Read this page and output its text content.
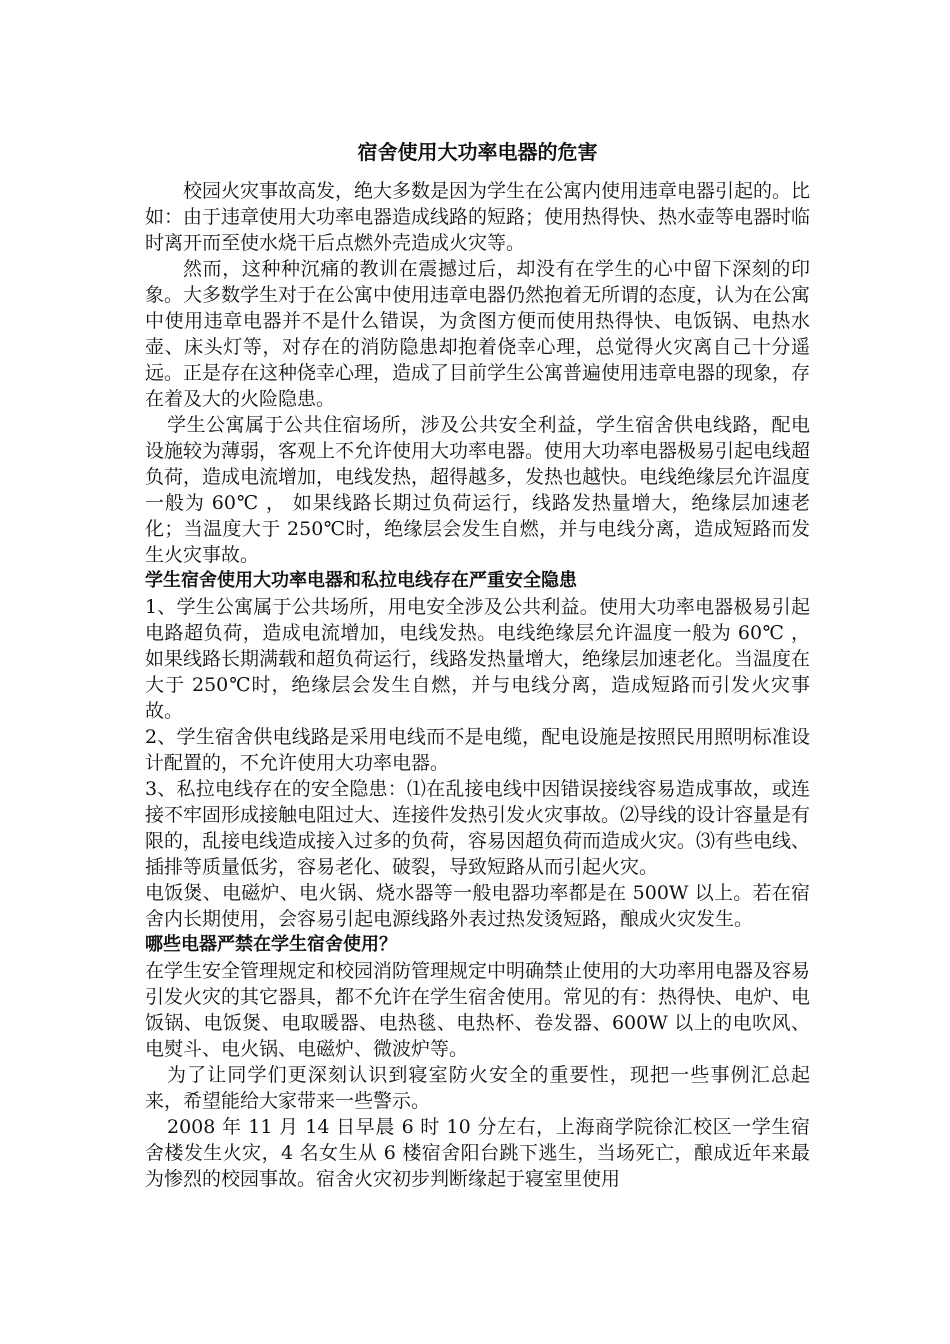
宿舍使用大功率电器的危害

校园火灾事故高发，绝大多数是因为学生在公寓内使用违章电器引起的。比如：由于违章使用大功率电器造成线路的短路；使用热得快、热水壶等电器时临时离开而至使水烧干后点燃外壳造成火灾等。

然而，这种种沉痛的教训在震撼过后，却没有在学生的心中留下深刻的印象。大多数学生对于在公寓中使用违章电器仍然抱着无所谓的态度，认为在公寓中使用违章电器并不是什么错误，为贪图方便而使用热得快、电饭锅、电热水壶、床头灯等，对存在的消防隐患却抱着侥幸心理，总觉得火灾离自己十分遥远。正是存在这种侥幸心理，造成了目前学生公寓普遍使用违章电器的现象，存在着及大的火险隐患。

学生公寓属于公共住宿场所，涉及公共安全利益，学生宿舍供电线路，配电设施较为薄弱，客观上不允许使用大功率电器。使用大功率电器极易引起电线超负荷，造成电流增加，电线发热，超得越多，发热也越快。电线绝缘层允许温度一般为 60℃ ， 如果线路长期过负荷运行，线路发热量增大，绝缘层加速老化；当温度大于 250℃时，绝缘层会发生自燃，并与电线分离，造成短路而发生火灾事故。

学生宿舍使用大功率电器和私拉电线存在严重安全隐患

1、学生公寓属于公共场所，用电安全涉及公共利益。使用大功率电器极易引起电路超负荷，造成电流增加，电线发热。电线绝缘层允许温度一般为 60℃ ，如果线路长期满载和超负荷运行，线路发热量增大，绝缘层加速老化。当温度在大于 250℃时，绝缘层会发生自燃，并与电线分离，造成短路而引发火灾事故。

2、学生宿舍供电线路是采用电线而不是电缆，配电设施是按照民用照明标准设计配置的，不允许使用大功率电器。

3、私拉电线存在的安全隐患：⑴在乱接电线中因错误接线容易造成事故，或连接不牢固形成接触电阻过大、连接件发热引发火灾事故。⑵导线的设计容量是有限的，乱接电线造成接入过多的负荷，容易因超负荷而造成火灾。⑶有些电线、插排等质量低劣，容易老化、破裂，导致短路从而引起火灾。

电饭煲、电磁炉、电火锅、烧水器等一般电器功率都是在 500W 以上。若在宿舍内长期使用，会容易引起电源线路外表过热发烫短路，酿成火灾发生。

哪些电器严禁在学生宿舍使用？

在学生安全管理规定和校园消防管理规定中明确禁止使用的大功率用电器及容易引发火灾的其它器具，都不允许在学生宿舍使用。常见的有：热得快、电炉、电饭锅、电饭煲、电取暖器、电热毯、电热杯、卷发器、600W 以上的电吹风、电熨斗、电火锅、电磁炉、微波炉等。

为了让同学们更深刻认识到寝室防火安全的重要性，现把一些事例汇总起来，希望能给大家带来一些警示。

2008 年 11 月 14 日早晨 6 时 10 分左右，上海商学院徐汇校区一学生宿舍楼发生火灾，4 名女生从 6 楼宿舍阳台跳下逃生，当场死亡，酿成近年来最为惨烈的校园事故。宿舍火灾初步判断缘起于寝室里使用
